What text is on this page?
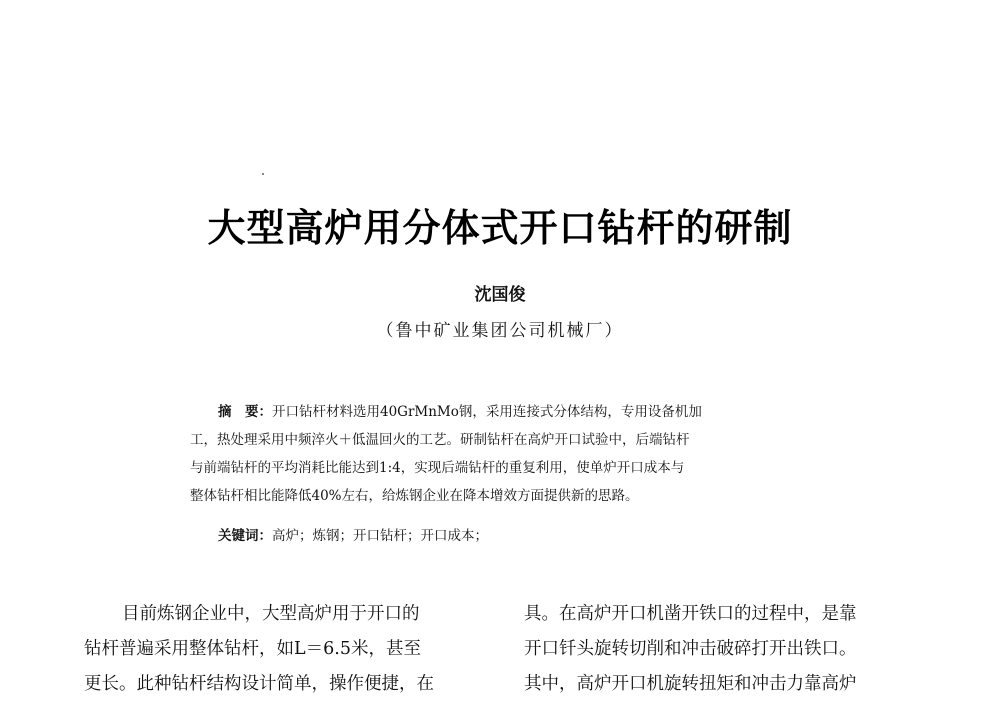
大型高炉用分体式开口钻杆的研制
沈国俊
（鲁中矿业集团公司机械厂）
摘　要：开口钻杆材料选用40GrMnMo钢，采用连接式分体结构，专用设备机加
工，热处理采用中频淬火＋低温回火的工艺。研制钻杆在高炉开口试验中，后端钻杆
与前端钻杆的平均消耗比能达到1:4，实现后端钻杆的重复利用，使单炉开口成本与
整体钻杆相比能降低40%左右，给炼钢企业在降本增效方面提供新的思路。
关键词：高炉；炼钢；开口钻杆；开口成本；
目前炼钢企业中，大型高炉用于开口的
钻杆普遍采用整体钻杆，如L＝6.5米，甚至
更长。此种钻杆结构设计简单，操作便捷，在
具。在高炉开口机凿开铁口的过程中，是靠
开口钎头旋转切削和冲击破碎打开出铁口。
其中，高炉开口机旋转扭矩和冲击力靠高炉
